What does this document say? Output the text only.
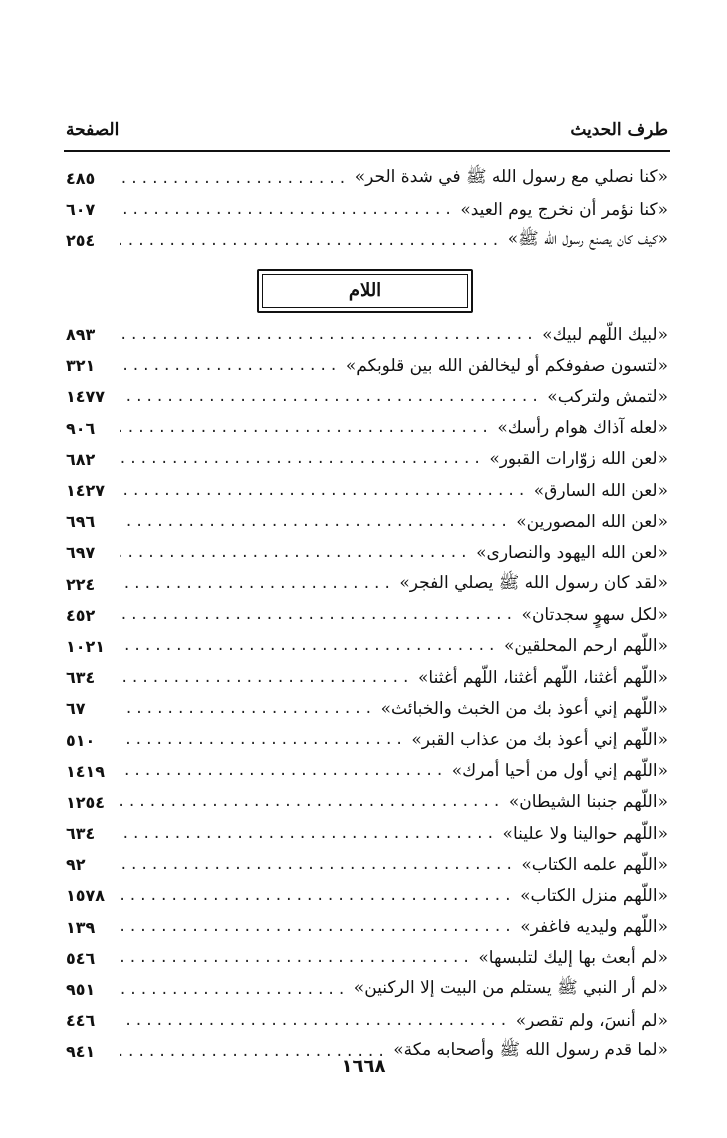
طرف الحديث
الصفحة
«كنا نصلي مع رسول الله ﷺ في شدة الحر»
.....
٤٨٥
«كنا نؤمر أن نخرج يوم العيد»
.....
٦٠٧
«كيف كان يصنع رسول الله ﷺ»
.....
٢٥٤
اللام
«لبيك اللّهم لبيك»
.....
٨٩٣
«لتسون صفوفكم أو ليخالفن الله بين قلوبكم»
.....
٣٢١
«لتمش ولتركب»
.....
١٤٧٧
«لعله آذاك هوام رأسك»
.....
٩٠٦
«لعن الله زوّارات القبور»
.....
٦٨٢
«لعن الله السارق»
.....
١٤٢٧
«لعن الله المصورين»
.....
٦٩٦
«لعن الله اليهود والنصارى»
.....
٦٩٧
«لقد كان رسول الله ﷺ يصلي الفجر»
.....
٢٢٤
«لكل سهوٍ سجدتان»
.....
٤٥٢
«اللّهم ارحم المحلقين»
.....
١٠٢١
«اللّهم أغثنا، اللّهم أغثنا، اللّهم أغثنا»
.....
٦٣٤
«اللّهم إني أعوذ بك من الخبث والخبائث»
.....
٦٧
«اللّهم إني أعوذ بك من عذاب القبر»
.....
٥١٠
«اللّهم إني أول من أحيا أمرك»
.....
١٤١٩
«اللّهم جنبنا الشيطان»
.....
١٢٥٤
«اللّهم حوالينا ولا علينا»
.....
٦٣٤
«اللّهم علمه الكتاب»
.....
٩٢
«اللّهم منزل الكتاب»
.....
١٥٧٨
«اللّهم وليديه فاغفر»
.....
١٣٩
«لم أبعث بها إليك لتلبسها»
.....
٥٤٦
«لم أر النبي ﷺ يستلم من البيت إلا الركنين»
.....
٩٥١
«لم أنسَ، ولم تقصر»
.....
٤٤٦
«لما قدم رسول الله ﷺ وأصحابه مكة»
.....
٩٤١
١٦٦٨
